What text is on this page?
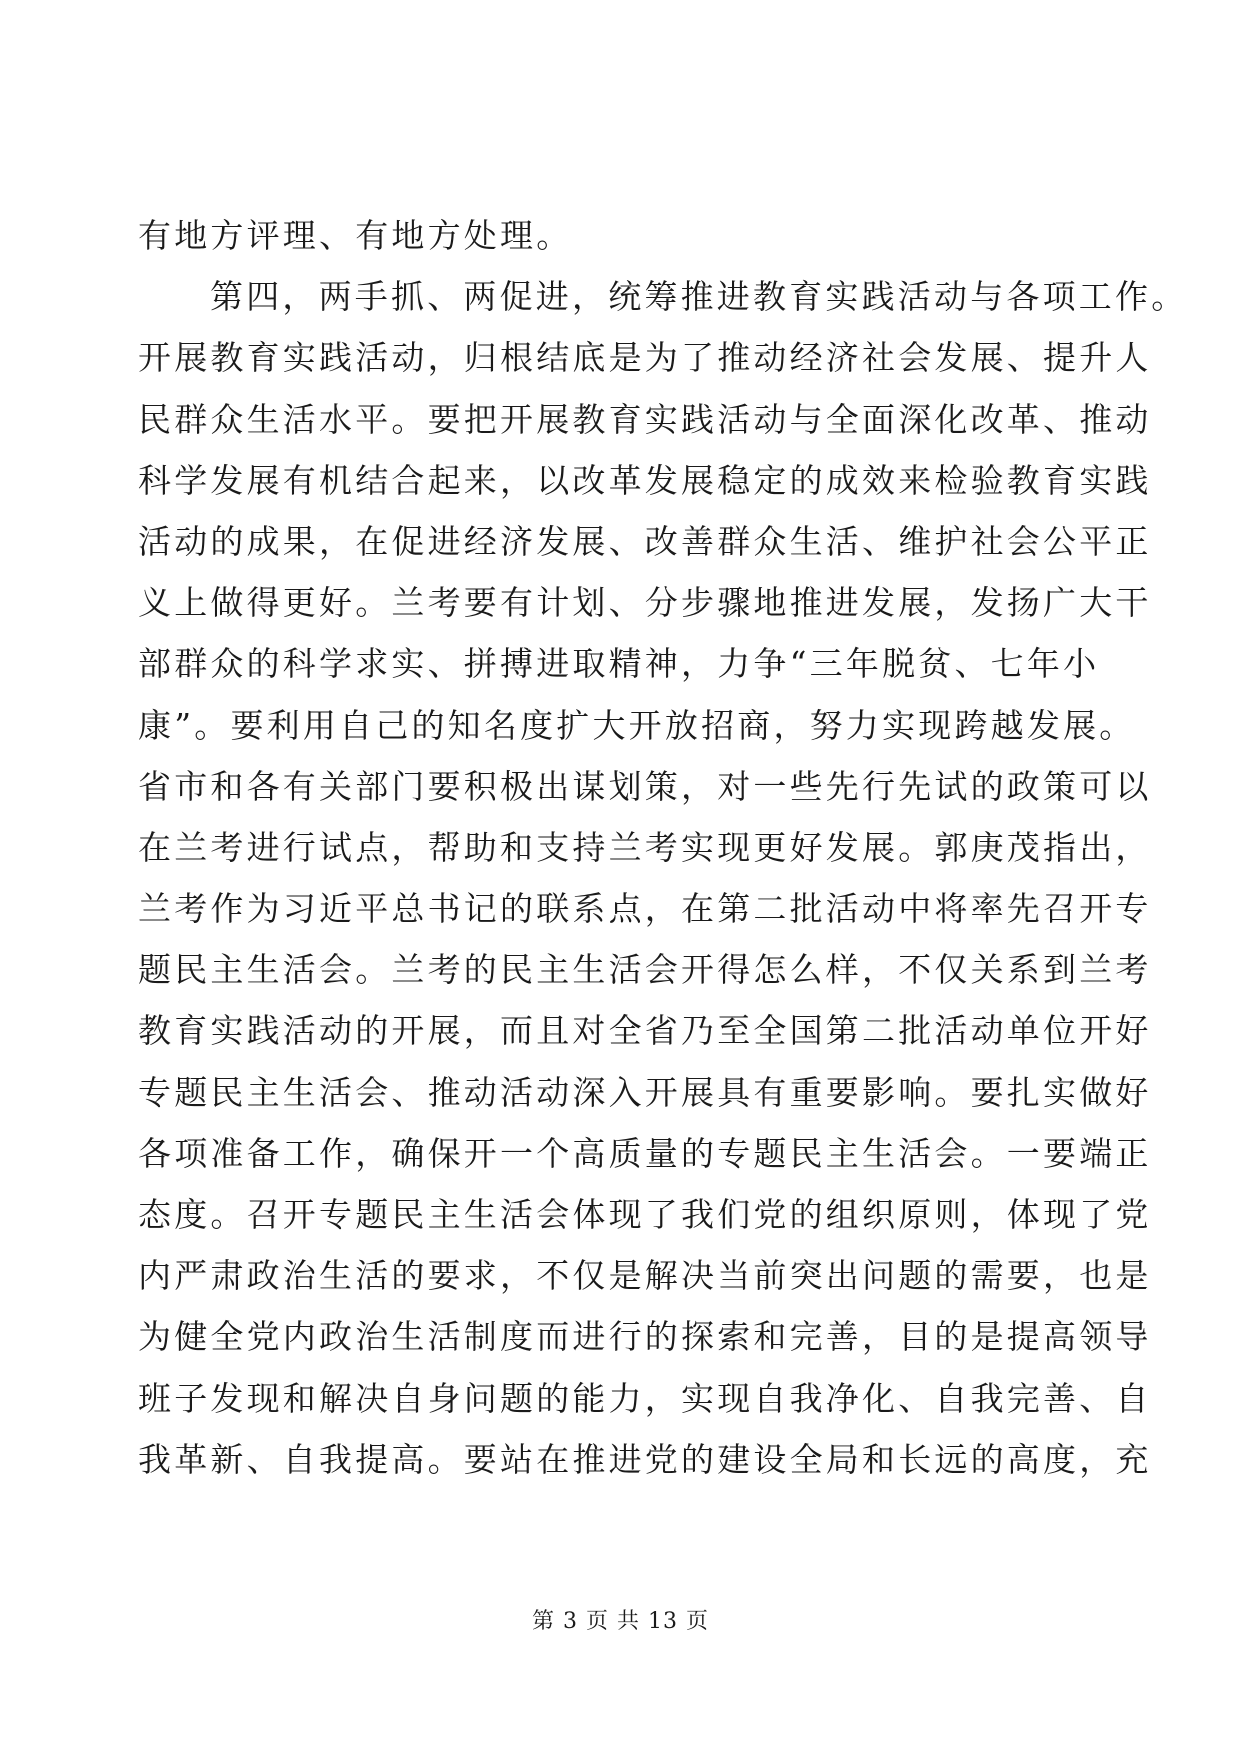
有地方评理、有地方处理。
第四，两手抓、两促进，统筹推进教育实践活动与各项工作。
开展教育实践活动，归根结底是为了推动经济社会发展、提升人
民群众生活水平。要把开展教育实践活动与全面深化改革、推动
科学发展有机结合起来，以改革发展稳定的成效来检验教育实践
活动的成果，在促进经济发展、改善群众生活、维护社会公平正
义上做得更好。兰考要有计划、分步骤地推进发展，发扬广大干
部群众的科学求实、拼搏进取精神，力争“三年脱贫、七年小
康”。要利用自己的知名度扩大开放招商，努力实现跨越发展。
省市和各有关部门要积极出谋划策，对一些先行先试的政策可以
在兰考进行试点，帮助和支持兰考实现更好发展。郭庚茂指出，
兰考作为习近平总书记的联系点，在第二批活动中将率先召开专
题民主生活会。兰考的民主生活会开得怎么样，不仅关系到兰考
教育实践活动的开展，而且对全省乃至全国第二批活动单位开好
专题民主生活会、推动活动深入开展具有重要影响。要扎实做好
各项准备工作，确保开一个高质量的专题民主生活会。一要端正
态度。召开专题民主生活会体现了我们党的组织原则，体现了党
内严肃政治生活的要求，不仅是解决当前突出问题的需要，也是
为健全党内政治生活制度而进行的探索和完善，目的是提高领导
班子发现和解决自身问题的能力，实现自我净化、自我完善、自
我革新、自我提高。要站在推进党的建设全局和长远的高度，充
第 3 页 共 13 页
